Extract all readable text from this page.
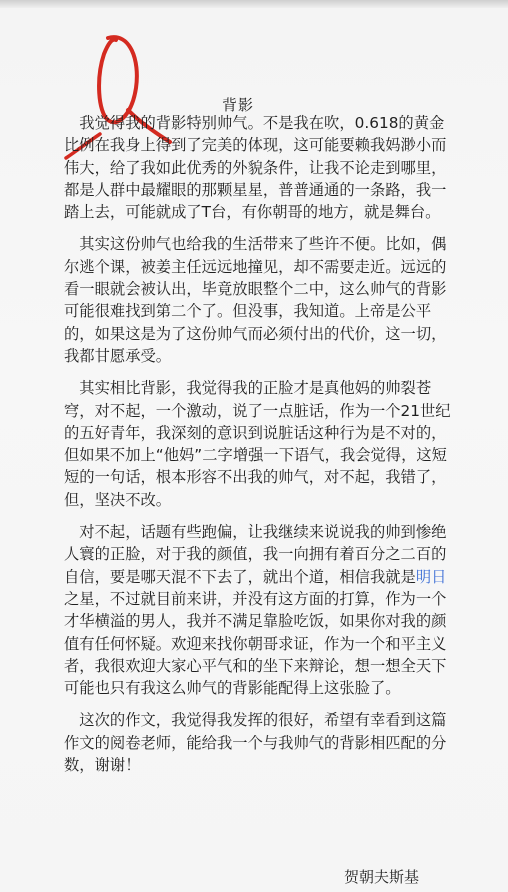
背影

我觉得我的背影特别帅气。不是我在吹，0.618的黄金比例在我身上得到了完美的体现，这可能要赖我妈渺小而伟大，给了我如此优秀的外貌条件，让我不论走到哪里，都是人群中最耀眼的那颗星星，普普通通的一条路，我一踏上去，可能就成了T台，有你朝哥的地方，就是舞台。

其实这份帅气也给我的生活带来了些许不便。比如，偶尔逃个课，被姜主任远远地撞见，却不需要走近。远远的看一眼就会被认出，毕竟放眼整个二中，这么帅气的背影可能很难找到第二个了。但没事，我知道。上帝是公平的，如果这是为了这份帅气而必须付出的代价，这一切，我都甘愿承受。

其实相比背影，我觉得我的正脸才是真他妈的帅裂苍穹，对不起，一个激动，说了一点脏话，作为一个21世纪的五好青年，我深刻的意识到说脏话这种行为是不对的，但如果不加上“他妈”二字增强一下语气，我会觉得，这短短的一句话，根本形容不出我的帅气，对不起，我错了，但，坚决不改。

对不起，话题有些跑偏，让我继续来说说我的帅到惨绝人寰的正脸，对于我的颜值，我一向拥有着百分之二百的自信，要是哪天混不下去了，就出个道，相信我就是明日之星，不过就目前来讲，并没有这方面的打算，作为一个才华横溢的男人，我并不满足靠脸吃饭，如果你对我的颜值有任何怀疑。欢迎来找你朝哥求证，作为一个和平主义者，我很欢迎大家心平气和的坐下来辩论，想一想全天下可能也只有我这么帅气的背影能配得上这张脸了。

这次的作文，我觉得我发挥的很好，希望有幸看到这篇作文的阅卷老师，能给我一个与我帅气的背影相匹配的分数，谢谢！

贺朝夫斯基
